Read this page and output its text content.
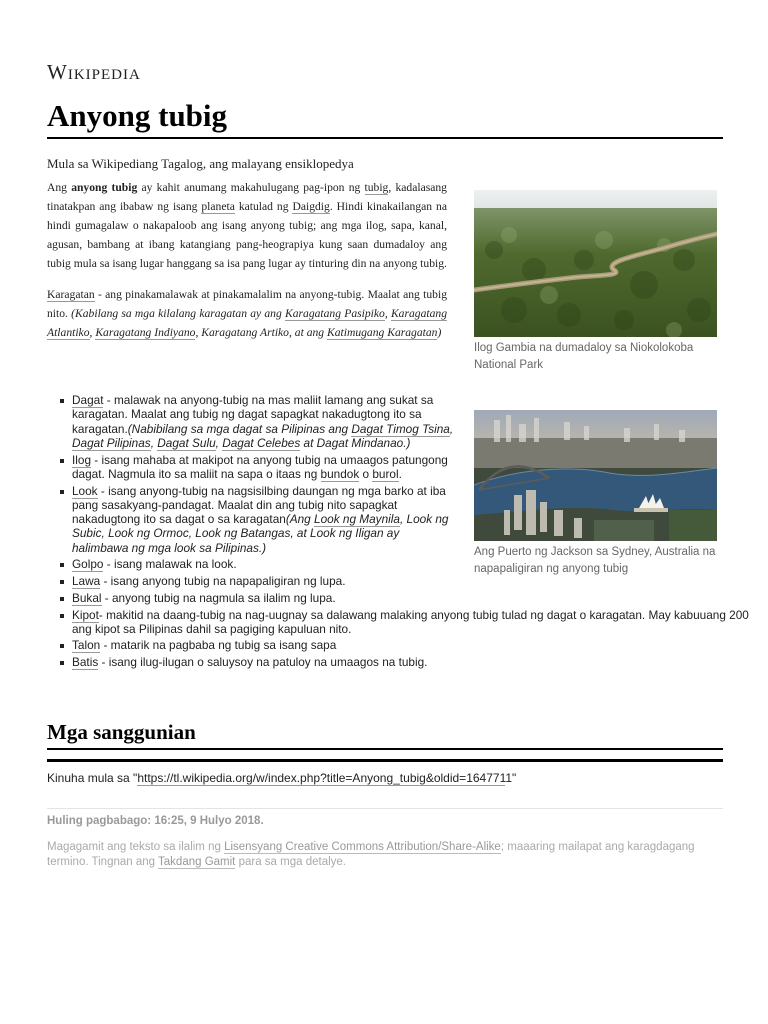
Wikipedia
Anyong tubig
Mula sa Wikipediang Tagalog, ang malayang ensiklopedya

Ang anyong tubig ay kahit anumang makahulugang pag-ipon ng tubig, kadalasang tinatakpan ang ibabaw ng isang planeta katulad ng Daigdig. Hindi kinakailangan na hindi gumagalaw o nakapaloob ang isang anyong tubig; ang mga ilog, sapa, kanal, agusan, bambang at ibang katangiang pang-heograpiya kung saan dumadaloy ang tubig mula sa isang lugar hanggang sa isa pang lugar ay tinturing din na anyong tubig.

Karagatan - ang pinakamalawak at pinakamalalim na anyong-tubig. Maalat ang tubig nito. (Kabilang sa mga kilalang karagatan ay ang Karagatang Pasipiko, Karagatang Atlantiko, Karagatang Indiyano, Karagatang Artiko, at ang Katimugang Karagatan)

Ilog Gambia na dumadaloy sa Niokolokoba National Park
Ang Puerto ng Jackson sa Sydney, Australia na napapaligiran ng anyong tubig
Dagat - malawak na anyong-tubig na mas maliit lamang ang sukat sa karagatan. Maalat ang tubig ng dagat sapagkat nakadugtong ito sa karagatan.(Nabibilang sa mga dagat sa Pilipinas ang Dagat Timog Tsina, Dagat Pilipinas, Dagat Sulu, Dagat Celebes at Dagat Mindanao.)
Ilog - isang mahaba at makipot na anyong tubig na umaagos patungong dagat. Nagmula ito sa maliit na sapa o itaas ng bundok o burol.
Look - isang anyong-tubig na nagsisilbing daungan ng mga barko at iba pang sasakyang-pandagat. Maalat din ang tubig nito sapagkat nakadugtong ito sa dagat o sa karagatan(Ang Look ng Maynila, Look ng Subic, Look ng Ormoc, Look ng Batangas, at Look ng Iligan ay halimbawa ng mga look sa Pilipinas.)
Golpo - isang malawak na look.
Lawa - isang anyong tubig na napapaligiran ng lupa.
Bukal - anyong tubig na nagmula sa ilalim ng lupa.
Kipot- makitid na daang-tubig na nag-uugnay sa dalawang malaking anyong tubig tulad ng dagat o karagatan. May kabuuang 200 ang kipot sa Pilipinas dahil sa pagiging kapuluan nito.
Talon - matarik na pagbaba ng tubig sa isang sapa
Batis - isang ilug-ilugan o saluysoy na patuloy na umaagos na tubig.
Mga sanggunian
Kinuha mula sa "https://tl.wikipedia.org/w/index.php?title=Anyong_tubig&oldid=1647711"
Huling pagbabago: 16:25, 9 Hulyo 2018.
Magagamit ang teksto sa ilalim ng Lisensyang Creative Commons Attribution/Share-Alike; maaaring mailapat ang karagdagang termino. Tingnan ang Takdang Gamit para sa mga detalye.
